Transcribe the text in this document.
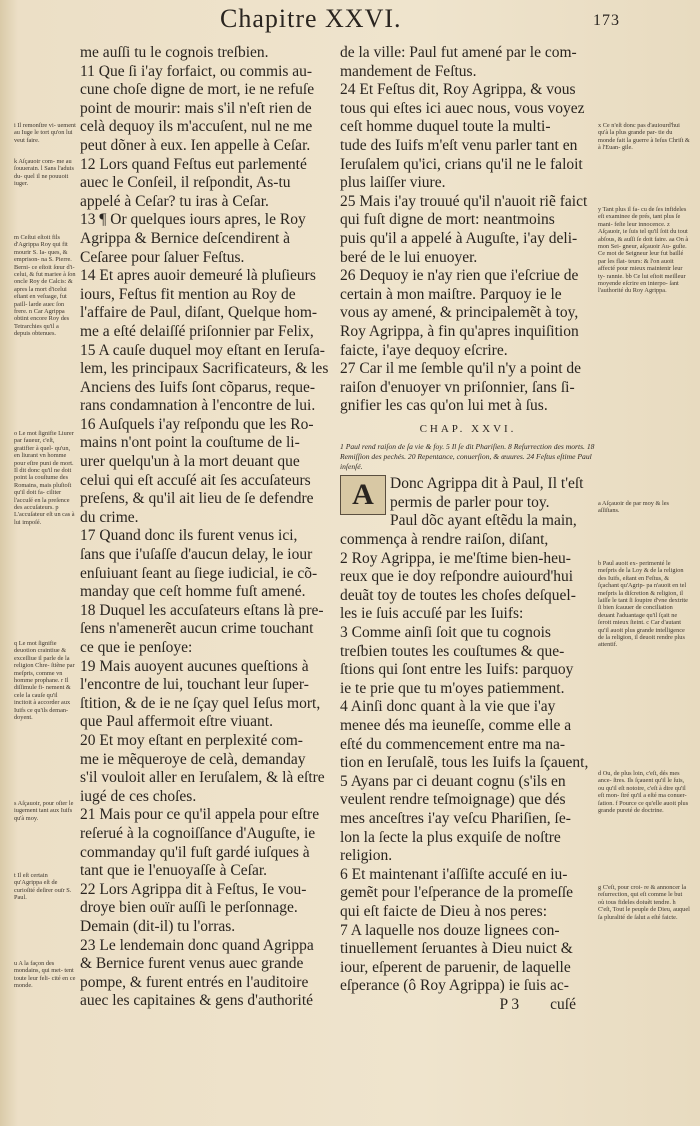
Chapitre XXVI.	173
i Il remonſtre vi- uement au Iuge le tort qu'on lui veut faire.
k Aſçauoir com- me au ſouuerain. l Sans l'aduis du- quel il ne pouuoit iuger.
m Ceſtui eſtoit fils d'Agrippa Roy qui fit mourir S. Ia- ques, & emprison- na S. Pierre. Berni- ce eſtoit ſœur d'i- celui, & fut mariee à ſon oncle Roy de Calcis: & apres la mort d'icelui eſtant en veſuage, fut paill- larde auec ſon frere. n Car Agrippa obtint encore Roy des Tetrarchies qu'il a depuis obtenues.
o Le mot ſignifie Liurer par faueur, c'eſt, gratifier à quel- qu'un, en liurant vn homme pour eſtre puni de mort. Il dit donc qu'il ne doit point la couſtume des Romains, mais pluſtoſt qu'il doit fa- ciliter l'accuſé en la preſence des accuſateurs. p L'accuſateur eſt un cas à lui impoſé.
q Le mot ſignifie deuotion craintiue & exceſſiue il parle de la religion Chre- ſtiẽne par meſpris, comme vn homme prophane. r Il diſſimule fi- nement & cele la cauſe qu'il incitoit à accorder aux Iuifs ce qu'ils deman- doyent.
s Aſçauoir, pour oſter le iugement tant aux Iuifs qu'à moy.
t Il eſt certain qu'Agrippa eſt de curioſité deſirer ouïr S. Paul.
u A la façon des mondains, qui met- tent toute leur feli- cité en ce monde.

me auſſi tu le cognois treſbien.

11 Que ſi i'ay forfaict, ou commis au-

cune choſe digne de mort, ie ne refuſe

point de mourir: mais s'il n'eſt rien de

celà dequoy ils m'accuſent, nul ne me

peut dõner à eux. Ien appelle à Ceſar.

12 Lors quand Feſtus eut parlementé

auec le Conſeil, il reſpondit, As-tu

appelé à Ceſar? tu iras à Ceſar.

13 ¶ Or quelques iours apres, le Roy

Agrippa & Bernice deſcendirent à

Ceſaree pour ſaluer Feſtus.

14 Et apres auoir demeuré là pluſieurs

iours, Feſtus fit mention au Roy de

l'affaire de Paul, diſant, Quelque hom-

me a eſté delaiſſé priſonnier par Felix,

15 A cauſe duquel moy eſtant en Ieruſa-

lem, les principaux Sacrificateurs, & les

Anciens des Iuifs ſont cõparus, reque-

rans condamnation à l'encontre de lui.

16 Auſquels i'ay reſpondu que les Ro-

mains n'ont point la couſtume de li-

urer quelqu'un à la mort deuant que

celui qui eſt accuſé ait ſes accuſateurs

preſens, & qu'il ait lieu de ſe defendre

du crime.

17 Quand donc ils furent venus ici,

ſans que i'uſaſſe d'aucun delay, le iour

enſuiuant ſeant au ſiege iudicial, ie cõ-

manday que ceſt homme fuſt amené.

18 Duquel les accuſateurs eſtans là pre-

ſens n'amenerẽt aucun crime touchant

ce que ie penſoye:

19 Mais auoyent aucunes queſtions à

l'encontre de lui, touchant leur ſuper-

ſtition, & de ie ne ſçay quel Ieſus mort,

que Paul affermoit eſtre viuant.

20 Et moy eſtant en perplexité com-

me ie mẽqueroye de celà, demanday

s'il vouloit aller en Ieruſalem, & là eſtre

iugé de ces choſes.

21 Mais pour ce qu'il appela pour eſtre

reſerué à la cognoiſſance d'Auguſte, ie

commanday qu'il fuſt gardé iuſques à

tant que ie l'enuoyaſſe à Ceſar.

22 Lors Agrippa dit à Feſtus, Ie vou-

droye bien ouïr auſſi le perſonnage.

Demain (dit-il) tu l'orras.

23 Le lendemain donc quand Agrippa

& Bernice furent venus auec grande

pompe, & furent entrés en l'auditoire

auec les capitaines & gens d'authorité

de la ville: Paul fut amené par le com-

mandement de Feſtus.

24 Et Feſtus dit, Roy Agrippa, & vous

tous qui eſtes ici auec nous, vous voyez

ceſt homme duquel toute la multi-

tude des Iuifs m'eſt venu parler tant en

Ieruſalem qu'ici, crians qu'il ne le faloit

plus laiſſer viure.

25 Mais i'ay trouué qu'il n'auoit riẽ faict

qui fuſt digne de mort: neantmoins

puis qu'il a appelé à Auguſte, i'ay deli-

beré de le lui enuoyer.

26 Dequoy ie n'ay rien que i'eſcriue de

certain à mon maiſtre. Parquoy ie le

vous ay amené, & principalemẽt à toy,

Roy Agrippa, à fin qu'apres inquiſition

faicte, i'aye dequoy eſcrire.

27 Car il me ſemble qu'il n'y a point de

raiſon d'enuoyer vn priſonnier, ſans ſi-

gnifier les cas qu'on lui met à ſus.

CHAP. XXVI.
1 Paul rend raiſon de ſa vie & foy. 5 Il ſe dit Phariſien. 8 Reſurrection des morts. 18 Remiſſion des pechés. 20 Repentance, conuerſion, & œuures. 24 Feſtus eſtime Paul inſenſé.
A	Donc Agrippa dit à Paul, Il t'eſt

permis de parler pour toy.

Paul dõc ayant eſtẽdu la main,

commença à rendre raiſon, diſant,

2 Roy Agrippa, ie me'ſtime bien-heu-

reux que ie doy reſpondre auiourd'hui

deuãt toy de toutes les choſes deſquel-

les ie ſuis accuſé par les Iuifs:

3 Comme ainſi ſoit que tu cognois

treſbien toutes les couſtumes & que-

ſtions qui ſont entre les Iuifs: parquoy

ie te prie que tu m'oyes patiemment.

4 Ainſi donc quant à la vie que i'ay

menee dés ma ieuneſſe, comme elle a

eſté du commencement entre ma na-

tion en Ieruſalẽ, tous les Iuifs la ſçauent,

5 Ayans par ci deuant cognu (s'ils en

veulent rendre teſmoignage) que dés

mes anceſtres i'ay veſcu Phariſien, ſe-

lon la ſecte la plus exquiſe de noſtre

religion.

6 Et maintenant i'aſſiſte accuſé en iu-

gemẽt pour l'eſperance de la promeſſe

qui eſt faicte de Dieu à nos peres:

7 A laquelle nos douze lignees con-

tinuellement ſeruantes à Dieu nuict &

iour, eſperent de paruenir, de laquelle

eſperance (ô Roy Agrippa) ie ſuis ac-

P 3 cuſé
x Ce n'eſt donc pas d'auiourd'hui qu'à la plus grande par- tie du monde fait la guerre à Ieſus Chriſt & à l'Euan- gile.
y Tant plus il fa- cu de ſes infideles eſt examinee de prés, tant plus ſe mani- feſte leur innocence. z Aſçauoir, ie ſuis tel qu'il ſoit du tout abſous, & auſſi ſe doit faire. aa On à mon Sei- gneur, aſçauoir Au- guſte. Ce mot de Seigneur leur fut baillé par les flat- teurs: & l'on auoit affecté pour mieux maintenir leur ty- rannie. bb Ce lui eſtoit meilleur moyende eſcrire en interpo- ſant l'authorité du Roy Agrippa.
a Aſçauoir de par moy & les aſſiſtans.
b Paul auoit ex- perimenté le meſpris de la Loy & de la religion des Iuifs, eſtant en Feſtus, & ſçachant qu'Agrip- pa n'auoit en tel meſpris la diſcretion & religion, il laiſſe le tant ſi ſoupire d'vne dextrite ſi bien ſcauuer de conciliation deuant l'aduantage qu'il ſçait ne ſeroit mieux ſteint. c Car d'autant qu'il auoit plus grande intelligence de la religion, il deuoit rendre plus attentif.
d Ou, de plus loin, c'eſt, dés mes ance- ſtres. Ils ſçauent qu'il le ſuis, ou qu'il eſt notoire, c'eſt à dire qu'il eſt mon- ſtré qu'il a eſté ma conuer- ſation. f Pource ce qu'elle auoit plus grande pureté de doctrine.
g C'eſt, pour croi- re & annoncer la reſurrection, qui eſt comme le but où tous fideles doiuẽt tendre. h C'eſt, Tout le peuple de Dieu, auquel ſa pluralité de ſalut a eſté faicte.
